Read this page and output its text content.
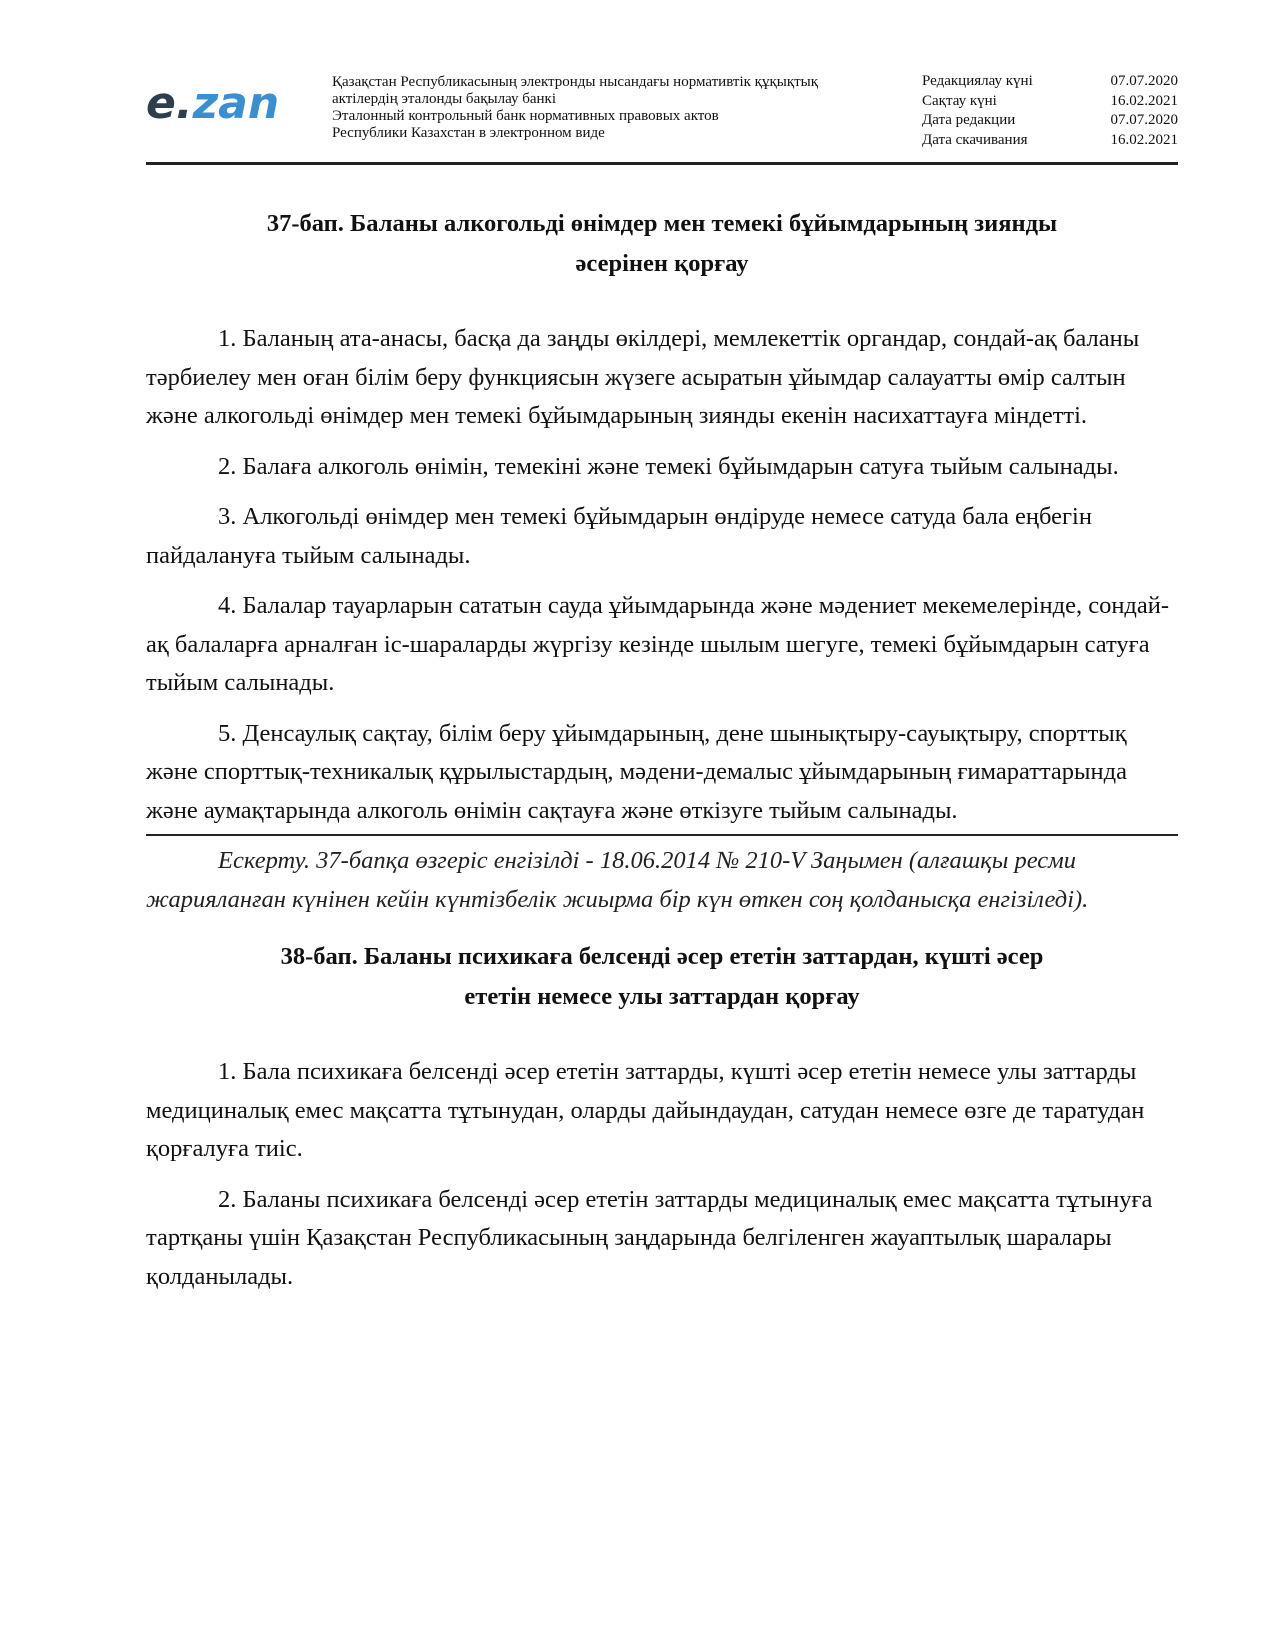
e.zan	Қазақстан Республикасының электронды нысандағы нормативтік құқықтық
актілердің эталонды бақылау банкі
Эталонный контрольный банк нормативных правовых актов
Республики Казахстан в электронном виде
Редакциялау күні	07.07.2020
Сақтау күні	16.02.2021
Дата редакции	07.07.2020
Дата скачивания	16.02.2021
37-бап. Баланы алкогольді өнімдер мен темекі бұйымдарының зиянды
әсерінен қорғау

1. Баланың ата-анасы, басқа да заңды өкілдері, мемлекеттік органдар, сондай-ақ баланы тәрбиелеу мен оған білім беру функциясын жүзеге асыратын ұйымдар салауатты өмір салтын және алкогольді өнімдер мен темекі бұйымдарының зиянды екенін насихаттауға міндетті.

2. Балаға алкоголь өнімін, темекіні және темекі бұйымдарын сатуға тыйым салынады.

3. Алкогольді өнімдер мен темекі бұйымдарын өндіруде немесе сатуда бала еңбегін пайдалануға тыйым салынады.

4. Балалар тауарларын сататын сауда ұйымдарында және мәдениет мекемелерінде, сондай-ақ балаларға арналған іс-шараларды жүргізу кезінде шылым шегуге, темекі бұйымдарын сатуға тыйым салынады.

5. Денсаулық сақтау, білім беру ұйымдарының, дене шынықтыру-сауықтыру, спорттық және спорттық-техникалық құрылыстардың, мәдени-демалыс ұйымдарының ғимараттарында және аумақтарында алкоголь өнімін сақтауға және өткізуге тыйым салынады.

Ескерту. 37-бапқа өзгеріс енгізілді - 18.06.2014 № 210-V Заңымен (алғашқы ресми жарияланған күнінен кейін күнтізбелік жиырма бір күн өткен соң қолданысқа енгізіледі).

38-бап. Баланы психикаға белсенді әсер ететін заттардан, күшті әсер
ететін немесе улы заттардан қорғау

1. Бала психикаға белсенді әсер ететін заттарды, күшті әсер ететін немесе улы заттарды медициналық емес мақсатта тұтынудан, оларды дайындаудан, сатудан немесе өзге де таратудан қорғалуға тиіс.

2. Баланы психикаға белсенді әсер ететін заттарды медициналық емес мақсатта тұтынуға тартқаны үшін Қазақстан Республикасының заңдарында белгіленген жауаптылық шаралары қолданылады.
